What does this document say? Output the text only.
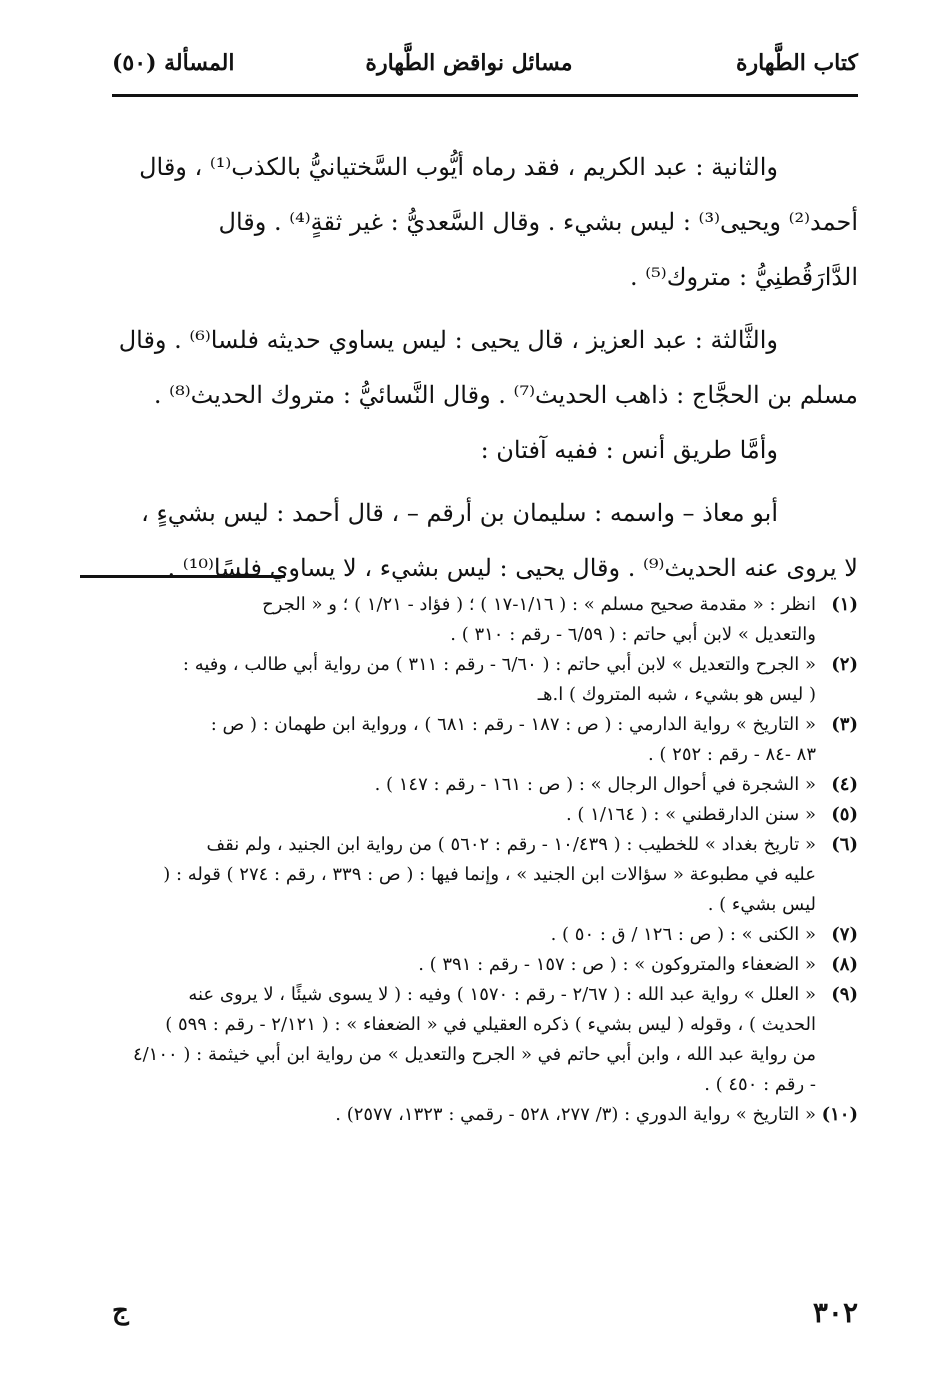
كتاب الطَّهارة
مسائل نواقض الطَّهارة
المسألة (٥٠)

والثانية : عبد الكريم ، فقد رماه أيُّوب السَّختيانيُّ بالكذب⁽¹⁾ ، وقال
أحمد⁽²⁾ ويحيى⁽³⁾ : ليس بشيء . وقال السَّعديُّ : غير ثقةٍ⁽⁴⁾ . وقال
الدَّارَقُطنِيُّ : متروك⁽⁵⁾ .

والثَّالثة : عبد العزيز ، قال يحيى : ليس يساوي حديثه فلسا⁽⁶⁾ . وقال
مسلم بن الحجَّاج : ذاهب الحديث⁽⁷⁾ . وقال النَّسائيُّ : متروك الحديث⁽⁸⁾ .
وأمَّا طريق أنس : ففيه آفتان :

أبو معاذ – واسمه : سليمان بن أرقم – ، قال أحمد : ليس بشيءٍ ،
لا يروى عنه الحديث⁽⁹⁾ . وقال يحيى : ليس بشيء ، لا يساوي فلسًا⁽¹⁰⁾ .

(١)
انظر : « مقدمة صحيح مسلم » : ( ١/١٦-١٧ ) ؛ ( فؤاد - ١/٢١ ) ؛ و « الجرح
والتعديل » لابن أبي حاتم : ( ٦/٥٩ - رقم : ٣١٠ ) .
(٢)
« الجرح والتعديل » لابن أبي حاتم : ( ٦/٦٠ - رقم : ٣١١ ) من رواية أبي طالب ، وفيه :
( ليس هو بشيء ، شبه المتروك ) ا.هـ
(٣)
« التاريخ » رواية الدارمي : ( ص : ١٨٧ - رقم : ٦٨١ ) ، ورواية ابن طهمان : ( ص :
٨٣ -٨٤ - رقم : ٢٥٢ ) .
(٤)
« الشجرة في أحوال الرجال » : ( ص : ١٦١ - رقم : ١٤٧ ) .
(٥)
« سنن الدارقطني » : ( ١/١٦٤ ) .
(٦)
« تاريخ بغداد » للخطيب : ( ١٠/٤٣٩ - رقم : ٥٦٠٢ ) من رواية ابن الجنيد ، ولم نقف
عليه في مطبوعة « سؤالات ابن الجنيد » ، وإنما فيها : ( ص : ٣٣٩ ، رقم : ٢٧٤ ) قوله : (
ليس بشيء ) .
(٧)
« الكنى » : ( ص : ١٢٦ / ق : ٥٠ ) .
(٨)
« الضعفاء والمتروكون » : ( ص : ١٥٧ - رقم : ٣٩١ ) .
(٩)
« العلل » رواية عبد الله : ( ٢/٦٧ - رقم : ١٥٧٠ ) وفيه : ( لا يسوى شيئًا ، لا يروى عنه
الحديث ) ، وقوله ( ليس بشيء ) ذكره العقيلي في « الضعفاء » : ( ٢/١٢١ - رقم : ٥٩٩ )
من رواية عبد الله ، وابن أبي حاتم في « الجرح والتعديل » من رواية ابن أبي خيثمة : ( ٤/١٠٠
- رقم : ٤٥٠ ) .
(١٠)
« التاريخ » رواية الدوري : (٣/ ٢٧٧، ٥٢٨ - رقمي : ١٣٢٣، ٢٥٧٧) .
٣٠٢
ج
